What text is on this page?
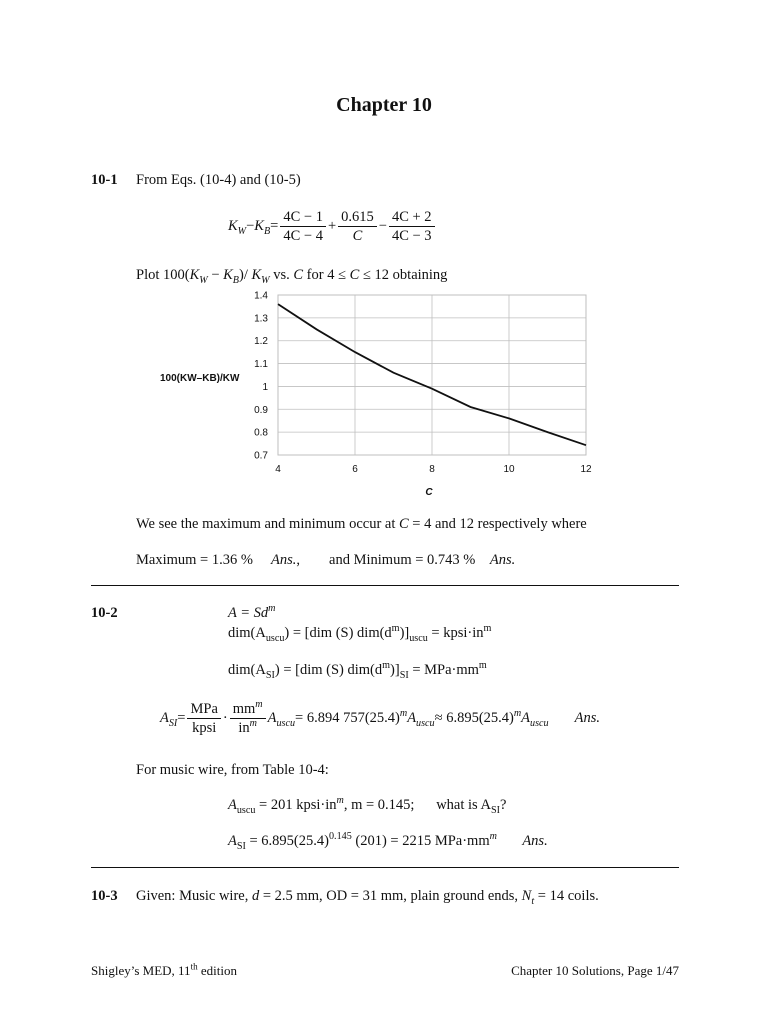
Chapter 10
10-1 From Eqs. (10-4) and (10-5)
$K_W - K_B = \frac{4C - 1}{4C - 4} + \frac{0.615}{C} - \frac{4C + 2}{4C - 3}$
Plot $100(K_W - K_B)/$ $K_W$ vs. C for 4 ≤ C ≤ 12 obtaining
1.4
1.3
1.2
1.1
1
0.9
0.8
0.7
4	6	8	10	12
100(KW–KB)/KW
C
We see the maximum and minimum occur at C = 4 and 12 respectively where
Maximum = 1.36 % Ans., and Minimum = 0.743 % Ans.
10-2	$A = Sd^m$
$dim(A_{uscu}) = [dim$ (S) $dim(d^m)]_{uscu}$ = $kpsi\cdot in^m$
$dim(A_{SI}) = [dim$ (S) $dim(d^m)]_{SI} = MPa\cdot mm^m$
$A_{SI} = \frac{\text{MPa}}{\text{kpsi}} \cdot \frac{mm^m}{in^m} A_{uscu} = 6.894$ $757(25.4)^m$ $A_{uscu} \approx 6.895(25.4)^m$ $A_{uscu}$ Ans.
For music wire, from Table 10-4:
$A_{uscu} = 201$ $kpsi\cdot in^m$, m = 0.145; what is $A_{SI}$?
$A_{SI} = 6.895(25.4)^{0.145}$ (201) = 2215 $MPa\cdot mm^m$ Ans.
10-3 Given: Music wire, d = 2.5 mm, OD = 31 mm, plain ground ends, $N_t = 14$ coils.
Shigley’s MED, 11th edition	Chapter 10 Solutions, Page 1/47
